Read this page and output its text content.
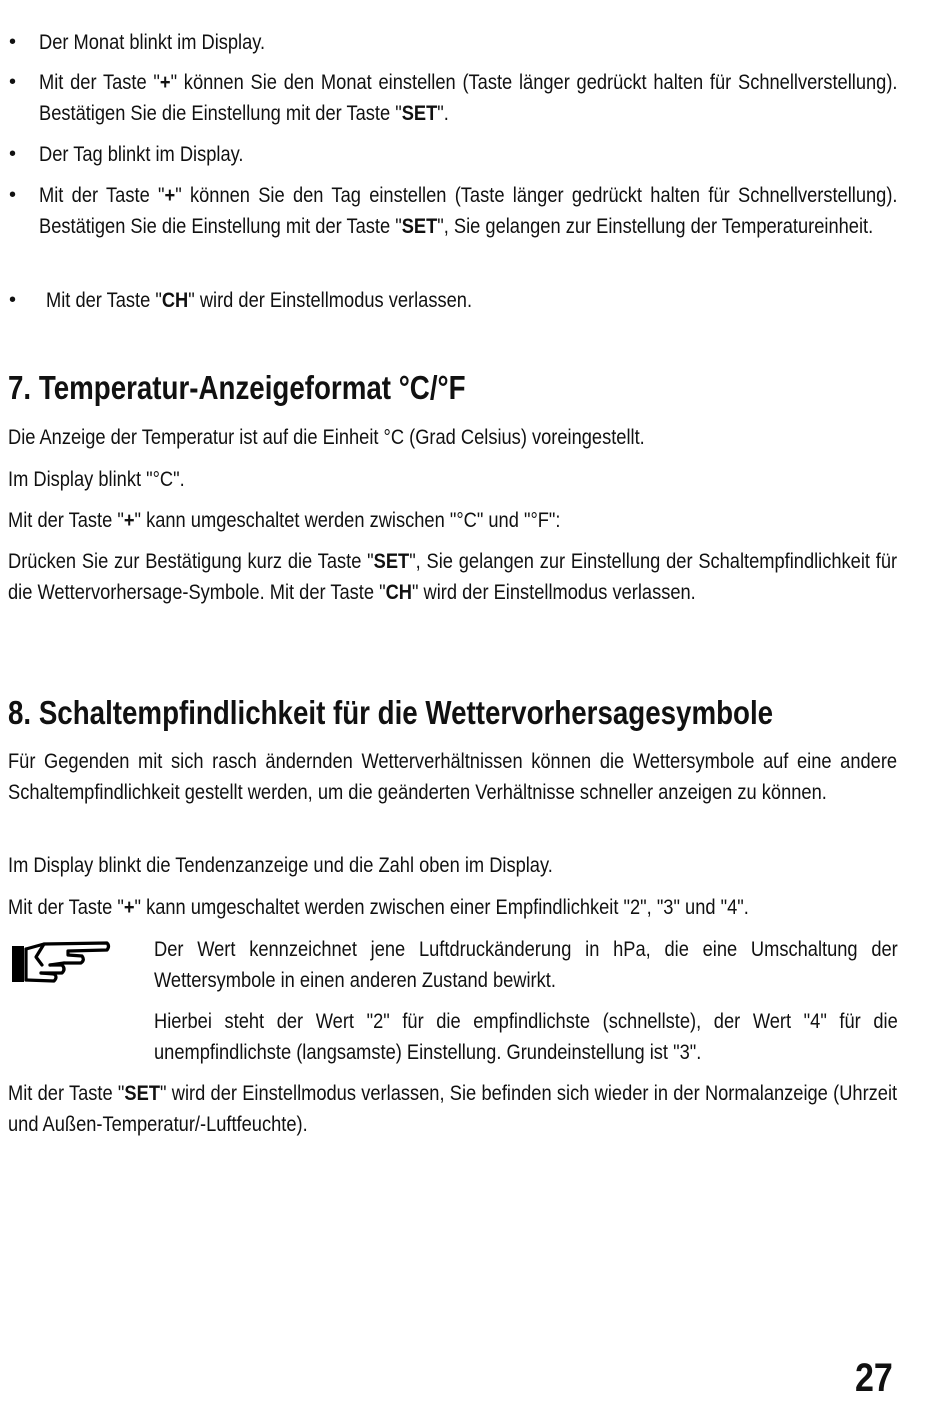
• Der Monat blinkt im Display.

• Mit der Taste "+" können Sie den Monat einstellen (Taste länger gedrückt halten für Schnellverstellung). Bestätigen Sie die Einstellung mit der Taste "SET".

• Der Tag blinkt im Display.

• Mit der Taste "+" können Sie den Tag einstellen (Taste länger gedrückt halten für Schnellverstellung). Bestätigen Sie die Einstellung mit der Taste "SET", Sie gelangen zur Einstellung der Temperatureinheit.

• Mit der Taste "CH" wird der Einstellmodus verlassen.

7. Temperatur-Anzeigeformat °C/°F

Die Anzeige der Temperatur ist auf die Einheit °C (Grad Celsius) voreingestellt.

Im Display blinkt "°C".

Mit der Taste "+" kann umgeschaltet werden zwischen "°C" und "°F":

Drücken Sie zur Bestätigung kurz die Taste "SET", Sie gelangen zur Einstellung der Schaltempfindlichkeit für die Wettervorhersage-Symbole. Mit der Taste "CH" wird der Einstellmodus verlassen.

8. Schaltempfindlichkeit für die Wettervorhersagesymbole

Für Gegenden mit sich rasch ändernden Wetterverhältnissen können die Wettersymbole auf eine andere Schaltempfindlichkeit gestellt werden, um die geänderten Verhältnisse schneller anzeigen zu können.

Im Display blinkt die Tendenzanzeige und die Zahl oben im Display.

Mit der Taste "+" kann umgeschaltet werden zwischen einer Empfindlichkeit "2", "3" und "4".

Der Wert kennzeichnet jene Luftdruckänderung in hPa, die eine Umschaltung der Wettersymbole in einen anderen Zustand bewirkt.

Hierbei steht der Wert "2" für die empfindlichste (schnellste), der Wert "4" für die unempfindlichste (langsamste) Einstellung. Grundeinstellung ist "3".

Mit der Taste "SET" wird der Einstellmodus verlassen, Sie befinden sich wieder in der Normalanzeige (Uhrzeit und Außen-Temperatur/-Luftfeuchte).

27
